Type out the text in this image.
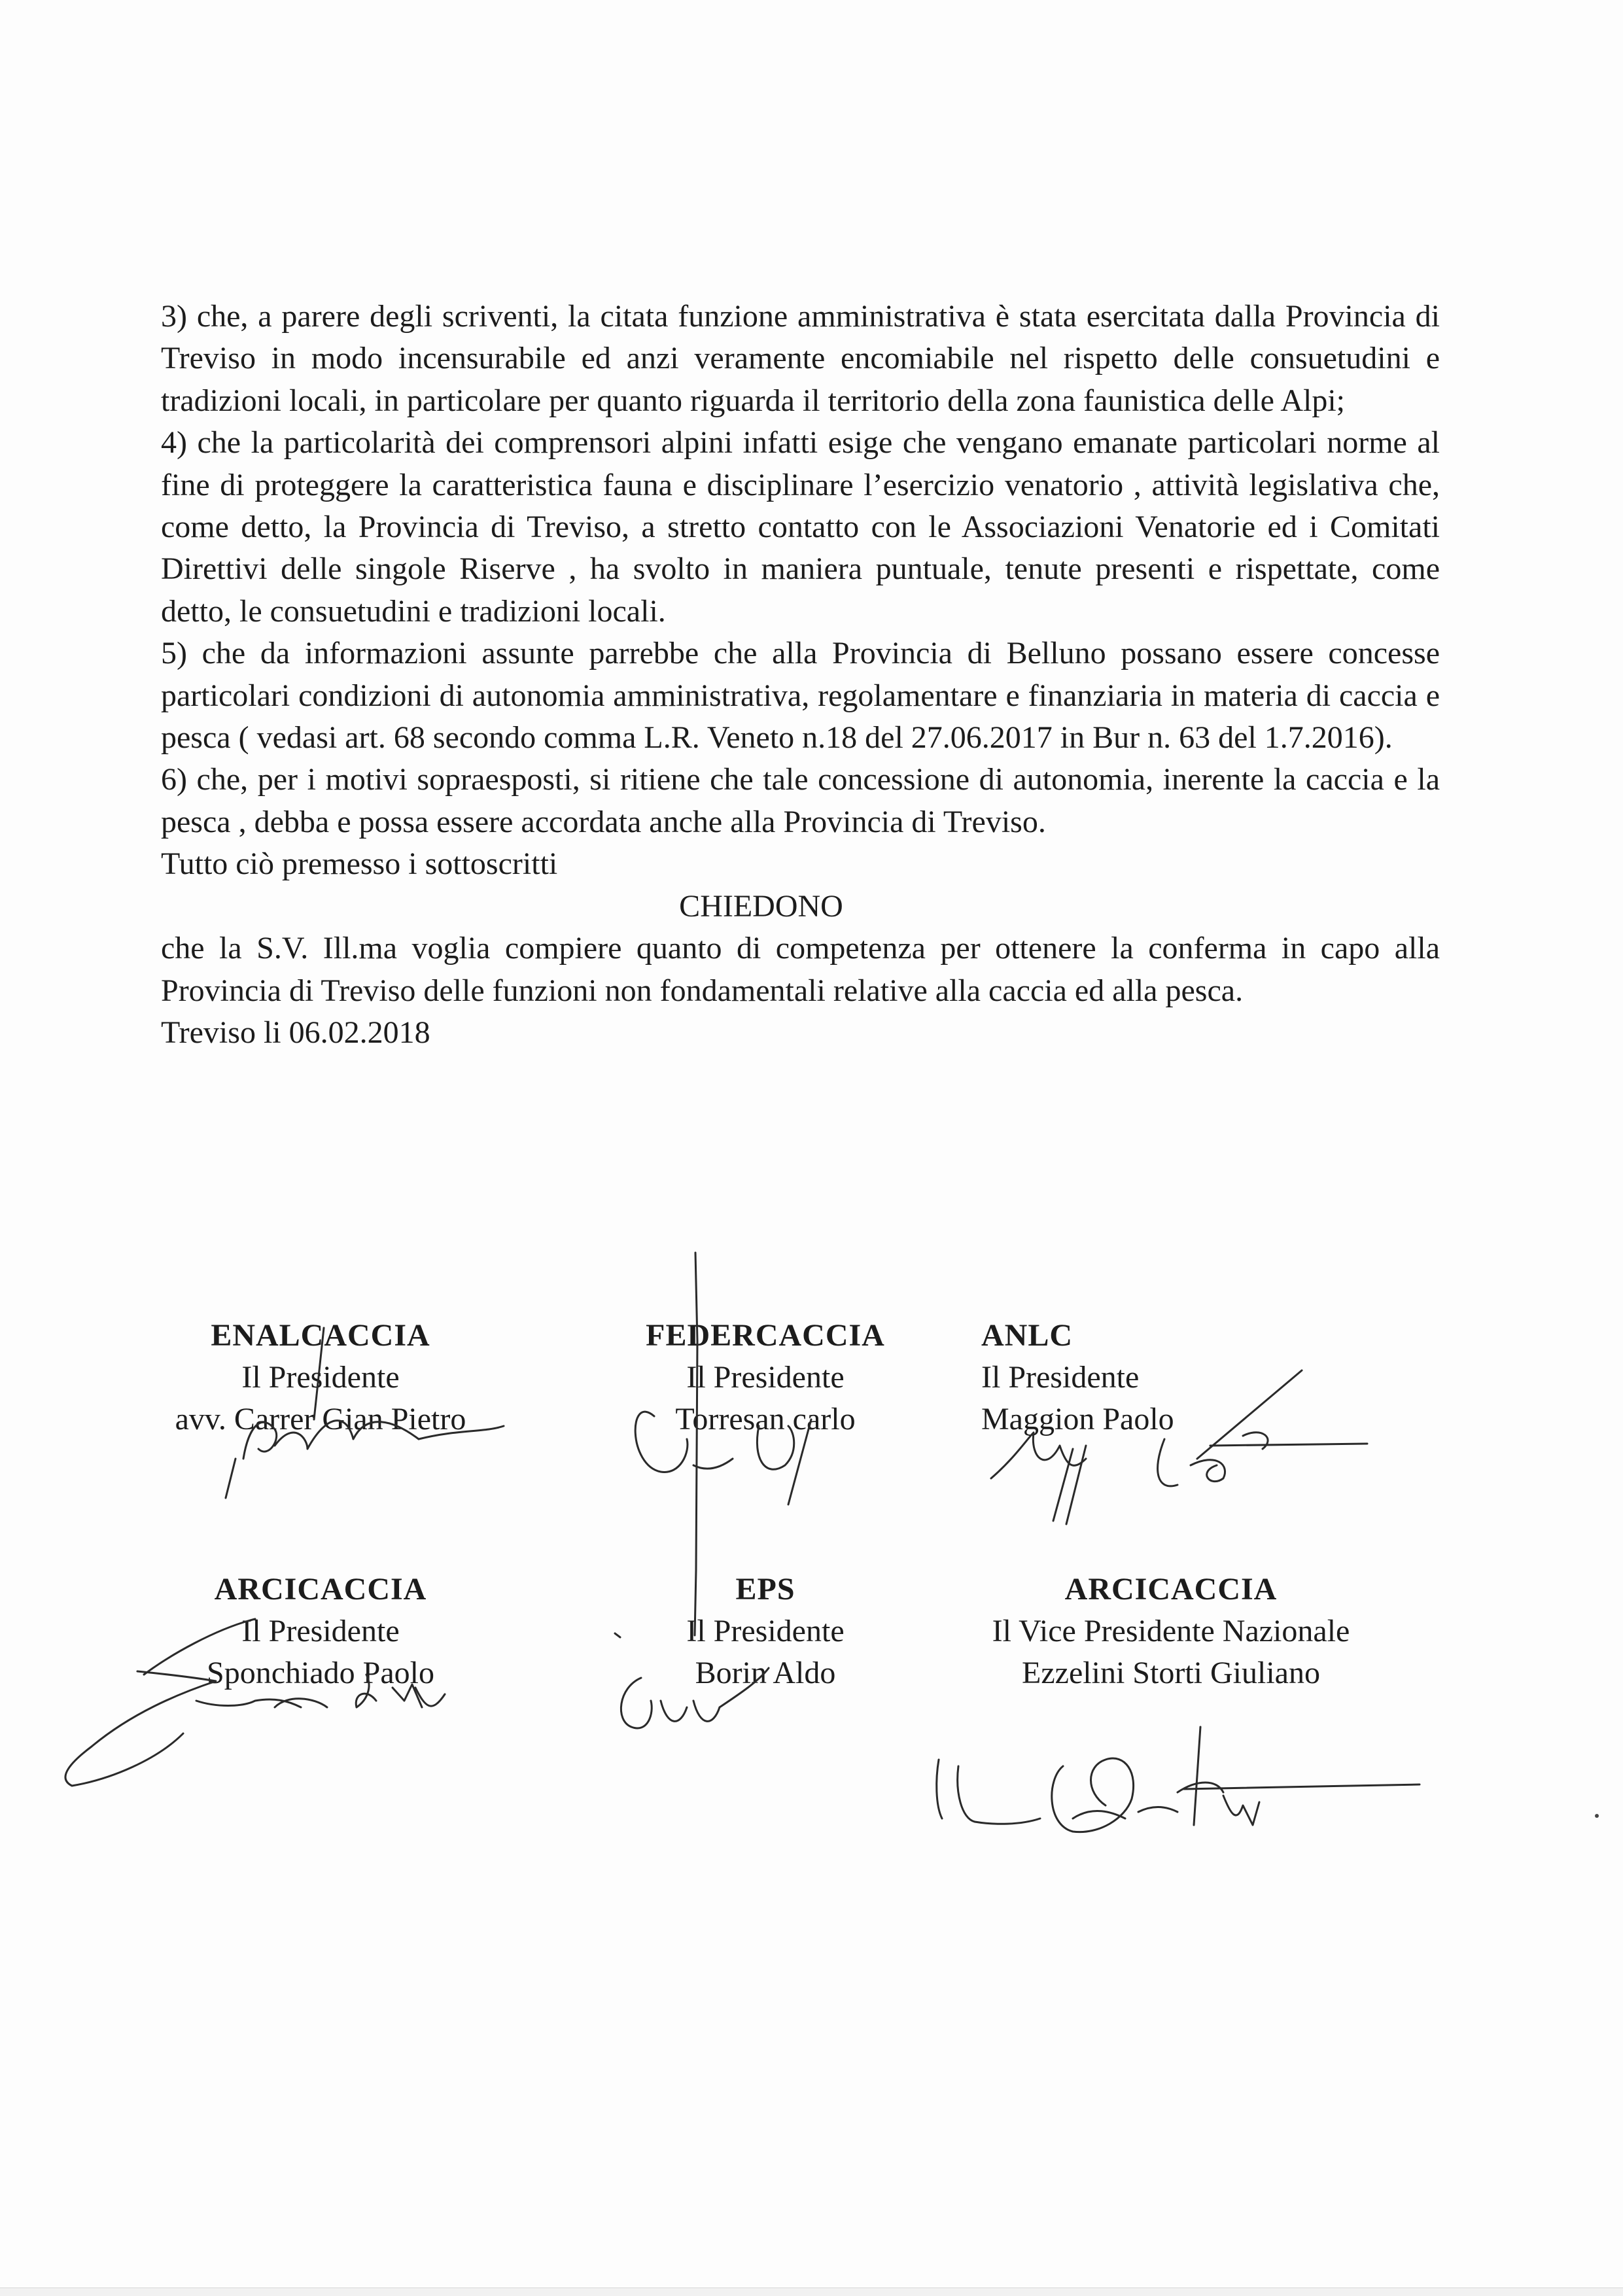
3) che, a parere degli scriventi, la citata funzione amministrativa è stata esercitata dalla Provincia di Treviso in modo incensurabile ed anzi veramente encomiabile nel rispetto delle consuetudini e tradizioni locali, in particolare per quanto riguarda il territorio della zona faunistica delle Alpi;

4) che la particolarità dei comprensori alpini infatti esige che vengano emanate particolari norme al fine di proteggere la caratteristica fauna e disciplinare l’esercizio venatorio , attività legislativa che, come detto, la Provincia di Treviso, a stretto contatto con le Associazioni Venatorie ed i Comitati Direttivi delle singole Riserve , ha svolto in maniera puntuale, tenute presenti e rispettate, come detto, le consuetudini e tradizioni locali.

5) che da informazioni assunte parrebbe che alla Provincia di Belluno possano essere concesse particolari condizioni di autonomia amministrativa, regolamentare e finanziaria in materia di caccia e pesca ( vedasi art. 68 secondo comma L.R. Veneto n.18 del 27.06.2017 in Bur n. 63 del 1.7.2016).

6) che, per i motivi sopraesposti, si ritiene che tale concessione di autonomia, inerente la caccia e la pesca , debba e possa essere accordata anche alla Provincia di Treviso.

Tutto ciò premesso i sottoscritti

CHIEDONO

che la S.V. Ill.ma voglia compiere quanto di competenza per ottenere la conferma in capo alla Provincia di Treviso delle funzioni non fondamentali relative alla caccia ed alla pesca.

Treviso li 06.02.2018

ENALCACCIA
Il Presidente
avv. Carrer Gian Pietro
FEDERCACCIA
Il Presidente
Torresan carlo
ANLC
Il Presidente
Maggion Paolo
ARCICACCIA
Il Presidente
Sponchiado Paolo
EPS
Il Presidente
Borin Aldo
ARCICACCIA
Il Vice Presidente Nazionale
Ezzelini Storti Giuliano
